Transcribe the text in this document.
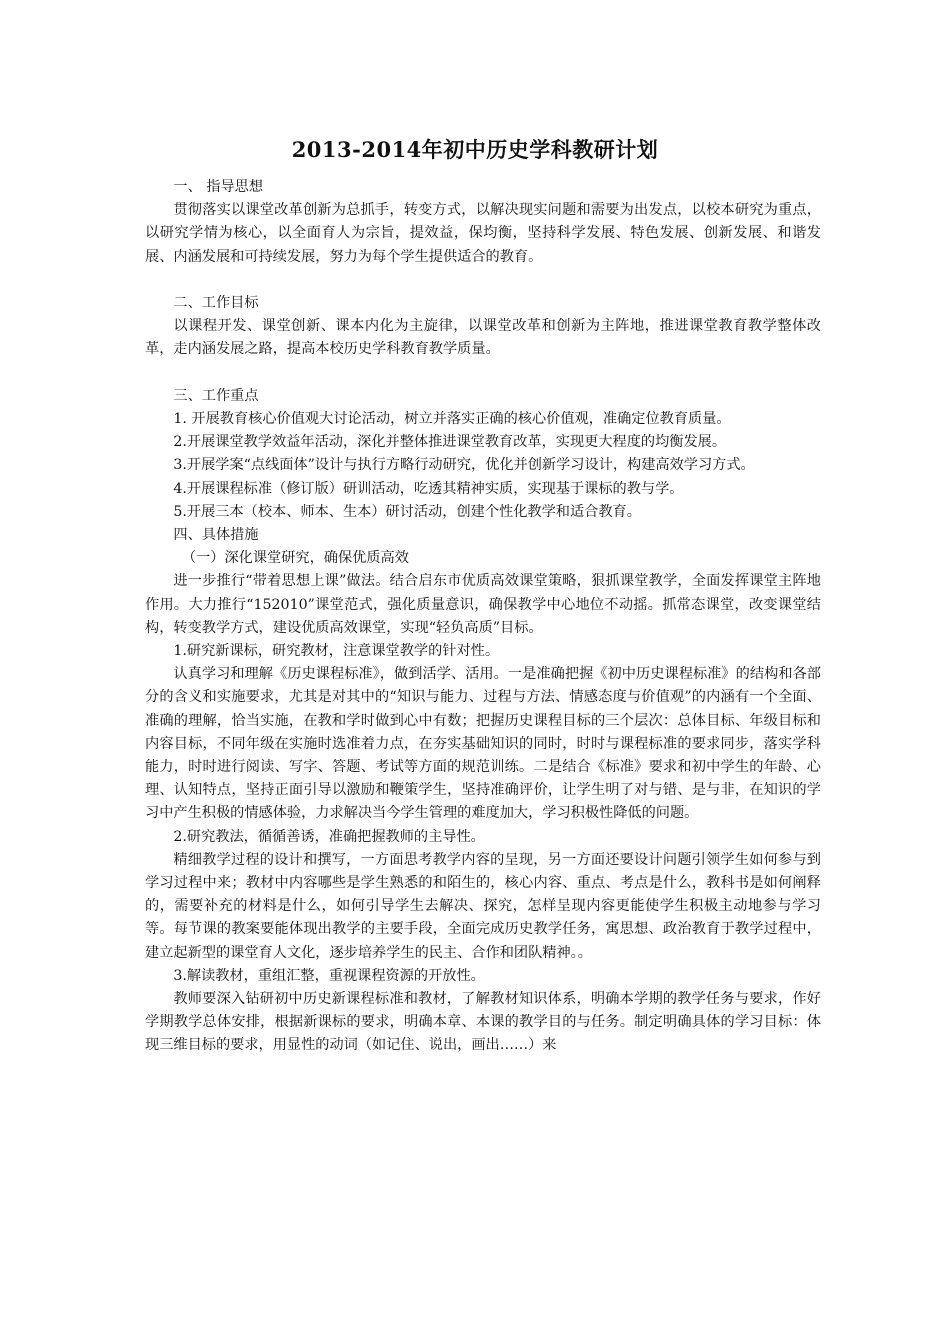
2013-2014年初中历史学科教研计划

一、 指导思想

贯彻落实以课堂改革创新为总抓手，转变方式，以解决现实问题和需要为出发点，以校本研究为重点，以研究学情为核心，以全面育人为宗旨，提效益，保均衡，坚持科学发展、特色发展、创新发展、和谐发展、内涵发展和可持续发展，努力为每个学生提供适合的教育。

二、工作目标

以课程开发、课堂创新、课本内化为主旋律，以课堂改革和创新为主阵地，推进课堂教育教学整体改革，走内涵发展之路，提高本校历史学科教育教学质量。

三、工作重点

1. 开展教育核心价值观大讨论活动，树立并落实正确的核心价值观，准确定位教育质量。

2.开展课堂教学效益年活动，深化并整体推进课堂教育改革，实现更大程度的均衡发展。

3.开展学案“点线面体”设计与执行方略行动研究，优化并创新学习设计，构建高效学习方式。

4.开展课程标准（修订版）研训活动，吃透其精神实质，实现基于课标的教与学。

5.开展三本（校本、师本、生本）研讨活动，创建个性化教学和适合教育。

四、具体措施

（一）深化课堂研究，确保优质高效

进一步推行“带着思想上课”做法。结合启东市优质高效课堂策略，狠抓课堂教学，全面发挥课堂主阵地作用。大力推行“152010”课堂范式，强化质量意识，确保教学中心地位不动摇。抓常态课堂，改变课堂结构，转变教学方式，建设优质高效课堂，实现“轻负高质”目标。

1.研究新课标，研究教材，注意课堂教学的针对性。

认真学习和理解《历史课程标准》，做到活学、活用。一是准确把握《初中历史课程标准》的结构和各部分的含义和实施要求，尤其是对其中的“知识与能力、过程与方法、情感态度与价值观”的内涵有一个全面、准确的理解，恰当实施，在教和学时做到心中有数；把握历史课程目标的三个层次：总体目标、年级目标和内容目标，不同年级在实施时选准着力点，在夯实基础知识的同时，时时与课程标准的要求同步，落实学科能力，时时进行阅读、写字、答题、考试等方面的规范训练。二是结合《标准》要求和初中学生的年龄、心理、认知特点，坚持正面引导以激励和鞭策学生，坚持准确评价，让学生明了对与错、是与非，在知识的学习中产生积极的情感体验，力求解决当今学生管理的难度加大，学习积极性降低的问题。

2.研究教法，循循善诱，准确把握教师的主导性。

精细教学过程的设计和撰写，一方面思考教学内容的呈现，另一方面还要设计问题引领学生如何参与到学习过程中来；教材中内容哪些是学生熟悉的和陌生的，核心内容、重点、考点是什么，教科书是如何阐释的，需要补充的材料是什么，如何引导学生去解决、探究，怎样呈现内容更能使学生积极主动地参与学习等。每节课的教案要能体现出教学的主要手段，全面完成历史教学任务，寓思想、政治教育于教学过程中，建立起新型的课堂育人文化，逐步培养学生的民主、合作和团队精神。。

3.解读教材，重组汇整，重视课程资源的开放性。

教师要深入钻研初中历史新课程标准和教材，了解教材知识体系，明确本学期的教学任务与要求，作好学期教学总体安排，根据新课标的要求，明确本章、本课的教学目的与任务。制定明确具体的学习目标：体现三维目标的要求，用显性的动词（如记住、说出，画出……）来
